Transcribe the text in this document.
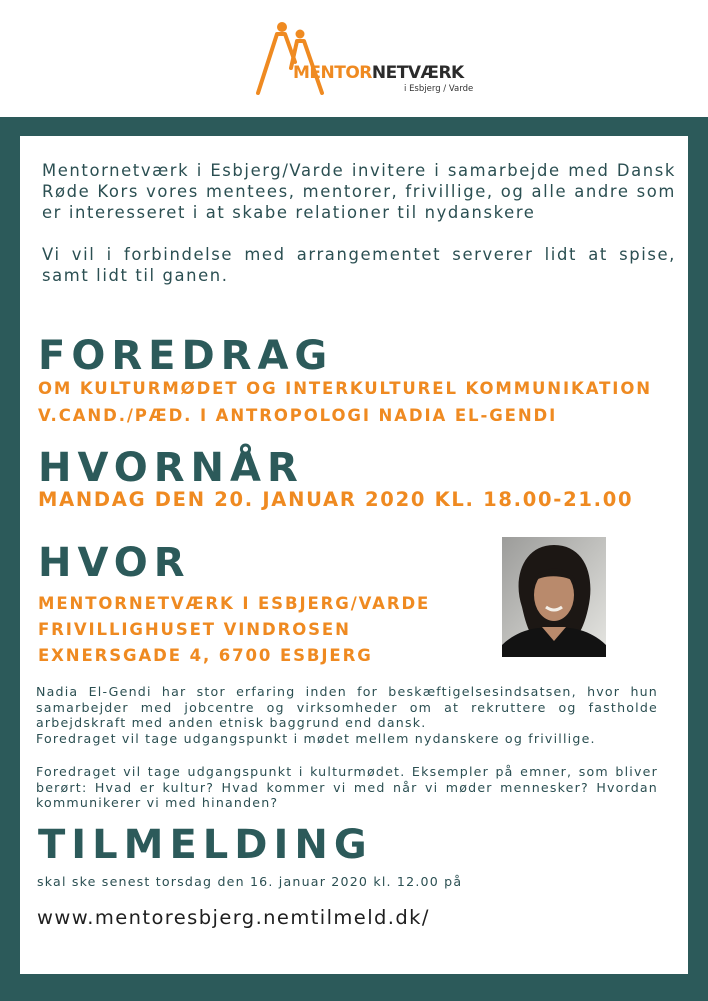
MENTORNETVÆRK
i Esbjerg / Varde

Mentornetværk i Esbjerg/Varde invitere i samarbejde med Dansk Røde Kors vores mentees, mentorer, frivillige, og alle andre som er interesseret i at skabe relationer til nydanskere

Vi vil i forbindelse med arrangementet serverer lidt at spise, samt lidt til ganen.

FOREDRAG
OM KULTURMØDET OG INTERKULTUREL KOMMUNIKATION
V.CAND./PÆD. I ANTROPOLOGI NADIA EL-GENDI
HVORNÅR
MANDAG DEN 20. JANUAR 2020 KL. 18.00-21.00
HVOR
MENTORNETVÆRK I ESBJERG/VARDE
FRIVILLIGHUSET VINDROSEN
EXNERSGADE 4, 6700 ESBJERG

Nadia El-Gendi har stor erfaring inden for beskæftigelsesindsatsen, hvor hun samarbejder med jobcentre og virksomheder om at rekruttere og fastholde arbejdskraft med anden etnisk baggrund end dansk.

Foredraget vil tage udgangspunkt i mødet mellem nydanskere og frivillige.

Foredraget vil tage udgangspunkt i kulturmødet. Eksempler på emner, som bliver berørt: Hvad er kultur? Hvad kommer vi med når vi møder mennesker? Hvordan kommunikerer vi med hinanden?

TILMELDING
skal ske senest torsdag den 16. januar 2020 kl. 12.00 på
www.mentoresbjerg.nemtilmeld.dk/
